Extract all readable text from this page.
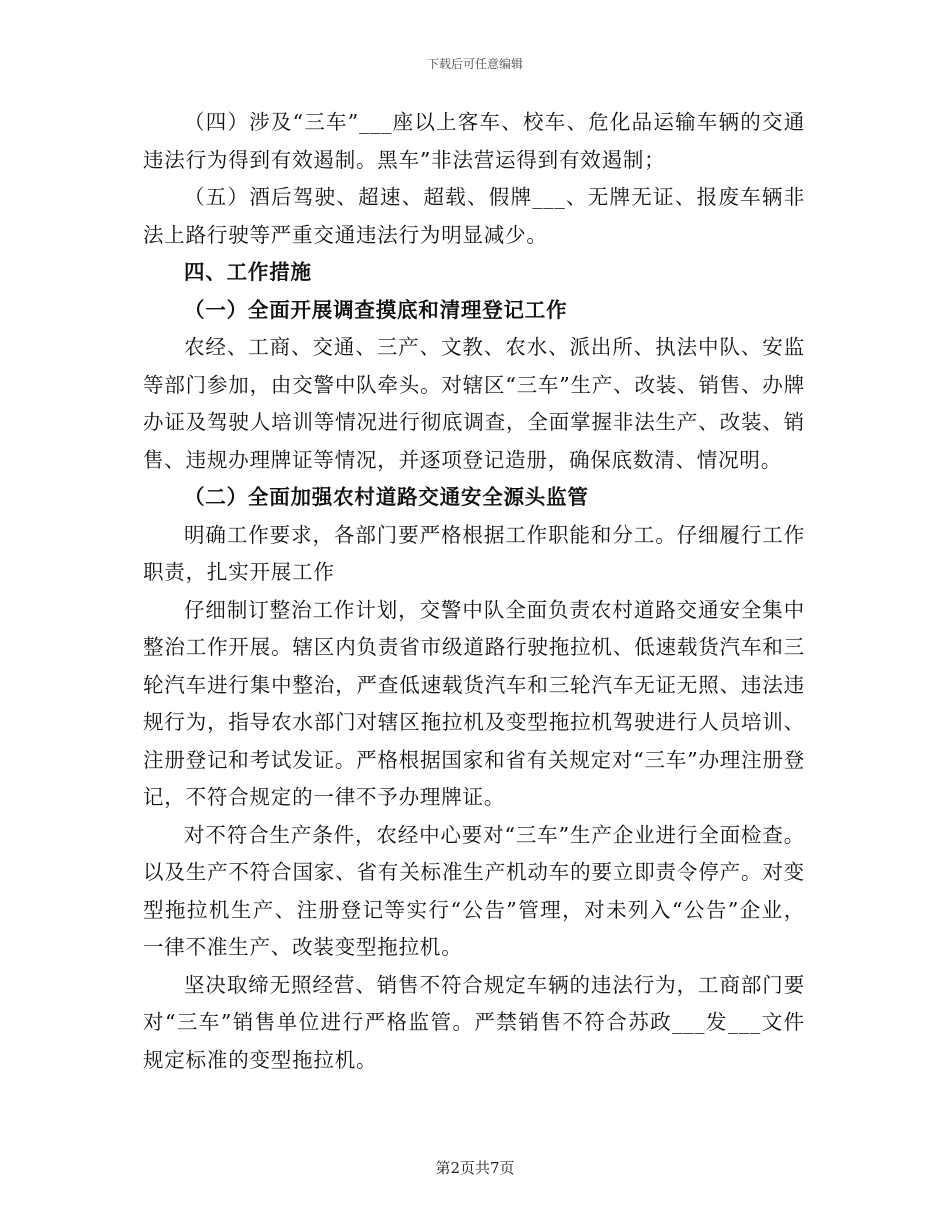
下载后可任意编辑

（四）涉及“三车”___座以上客车、校车、危化品运输车辆的交通违法行为得到有效遏制。黑车”非法营运得到有效遏制；

（五）酒后驾驶、超速、超载、假牌___、无牌无证、报废车辆非法上路行驶等严重交通违法行为明显减少。

四、工作措施

（一）全面开展调查摸底和清理登记工作

农经、工商、交通、三产、文教、农水、派出所、执法中队、安监等部门参加，由交警中队牵头。对辖区“三车”生产、改装、销售、办牌办证及驾驶人培训等情况进行彻底调查，全面掌握非法生产、改装、销售、违规办理牌证等情况，并逐项登记造册，确保底数清、情况明。

（二）全面加强农村道路交通安全源头监管

明确工作要求，各部门要严格根据工作职能和分工。仔细履行工作职责，扎实开展工作

仔细制订整治工作计划，交警中队全面负责农村道路交通安全集中整治工作开展。辖区内负责省市级道路行驶拖拉机、低速载货汽车和三轮汽车进行集中整治，严查低速载货汽车和三轮汽车无证无照、违法违规行为，指导农水部门对辖区拖拉机及变型拖拉机驾驶进行人员培训、注册登记和考试发证。严格根据国家和省有关规定对“三车”办理注册登记，不符合规定的一律不予办理牌证。

对不符合生产条件，农经中心要对“三车”生产企业进行全面检查。以及生产不符合国家、省有关标准生产机动车的要立即责令停产。对变型拖拉机生产、注册登记等实行“公告”管理，对未列入“公告”企业，一律不准生产、改装变型拖拉机。

坚决取缔无照经营、销售不符合规定车辆的违法行为，工商部门要对“三车”销售单位进行严格监管。严禁销售不符合苏政___发___文件规定标准的变型拖拉机。

第2页共7页
